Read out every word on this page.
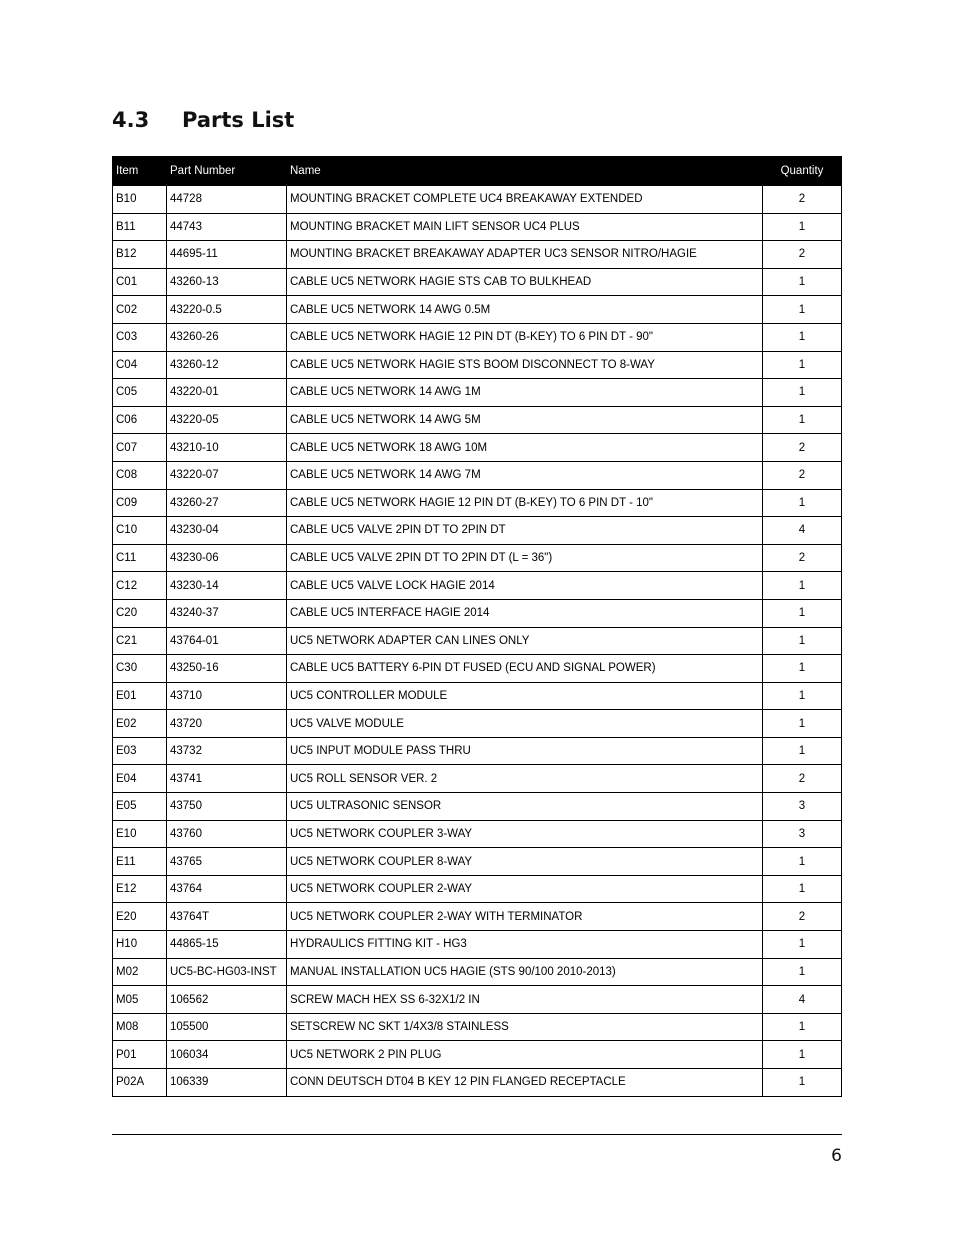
4.3 Parts List
Item	Part Number	Name	Quantity
B10	44728	MOUNTING BRACKET COMPLETE UC4 BREAKAWAY EXTENDED	2
B11	44743	MOUNTING BRACKET MAIN LIFT SENSOR UC4 PLUS	1
B12	44695-11	MOUNTING BRACKET BREAKAWAY ADAPTER UC3 SENSOR NITRO/HAGIE	2
C01	43260-13	CABLE UC5 NETWORK HAGIE STS CAB TO BULKHEAD	1
C02	43220-0.5	CABLE UC5 NETWORK 14 AWG 0.5M	1
C03	43260-26	CABLE UC5 NETWORK HAGIE 12 PIN DT (B-KEY) TO 6 PIN DT - 90"	1
C04	43260-12	CABLE UC5 NETWORK HAGIE STS BOOM DISCONNECT TO 8-WAY	1
C05	43220-01	CABLE UC5 NETWORK 14 AWG 1M	1
C06	43220-05	CABLE UC5 NETWORK 14 AWG 5M	1
C07	43210-10	CABLE UC5 NETWORK 18 AWG 10M	2
C08	43220-07	CABLE UC5 NETWORK 14 AWG 7M	2
C09	43260-27	CABLE UC5 NETWORK HAGIE 12 PIN DT (B-KEY) TO 6 PIN DT - 10"	1
C10	43230-04	CABLE UC5 VALVE 2PIN DT TO 2PIN DT	4
C11	43230-06	CABLE UC5 VALVE 2PIN DT TO 2PIN DT (L = 36")	2
C12	43230-14	CABLE UC5 VALVE LOCK HAGIE 2014	1
C20	43240-37	CABLE UC5 INTERFACE HAGIE 2014	1
C21	43764-01	UC5 NETWORK ADAPTER CAN LINES ONLY	1
C30	43250-16	CABLE UC5 BATTERY 6-PIN DT FUSED (ECU AND SIGNAL POWER)	1
E01	43710	UC5 CONTROLLER MODULE	1
E02	43720	UC5 VALVE MODULE	1
E03	43732	UC5 INPUT MODULE PASS THRU	1
E04	43741	UC5 ROLL SENSOR VER. 2	2
E05	43750	UC5 ULTRASONIC SENSOR	3
E10	43760	UC5 NETWORK COUPLER 3-WAY	3
E11	43765	UC5 NETWORK COUPLER 8-WAY	1
E12	43764	UC5 NETWORK COUPLER 2-WAY	1
E20	43764T	UC5 NETWORK COUPLER 2-WAY WITH TERMINATOR	2
H10	44865-15	HYDRAULICS FITTING KIT - HG3	1
M02	UC5-BC-HG03-INST	MANUAL INSTALLATION UC5 HAGIE (STS 90/100 2010-2013)	1
M05	106562	SCREW MACH HEX SS 6-32X1/2 IN	4
M08	105500	SETSCREW NC SKT 1/4X3/8 STAINLESS	1
P01	106034	UC5 NETWORK 2 PIN PLUG	1
P02A	106339	CONN DEUTSCH DT04 B KEY 12 PIN FLANGED RECEPTACLE	1
6
